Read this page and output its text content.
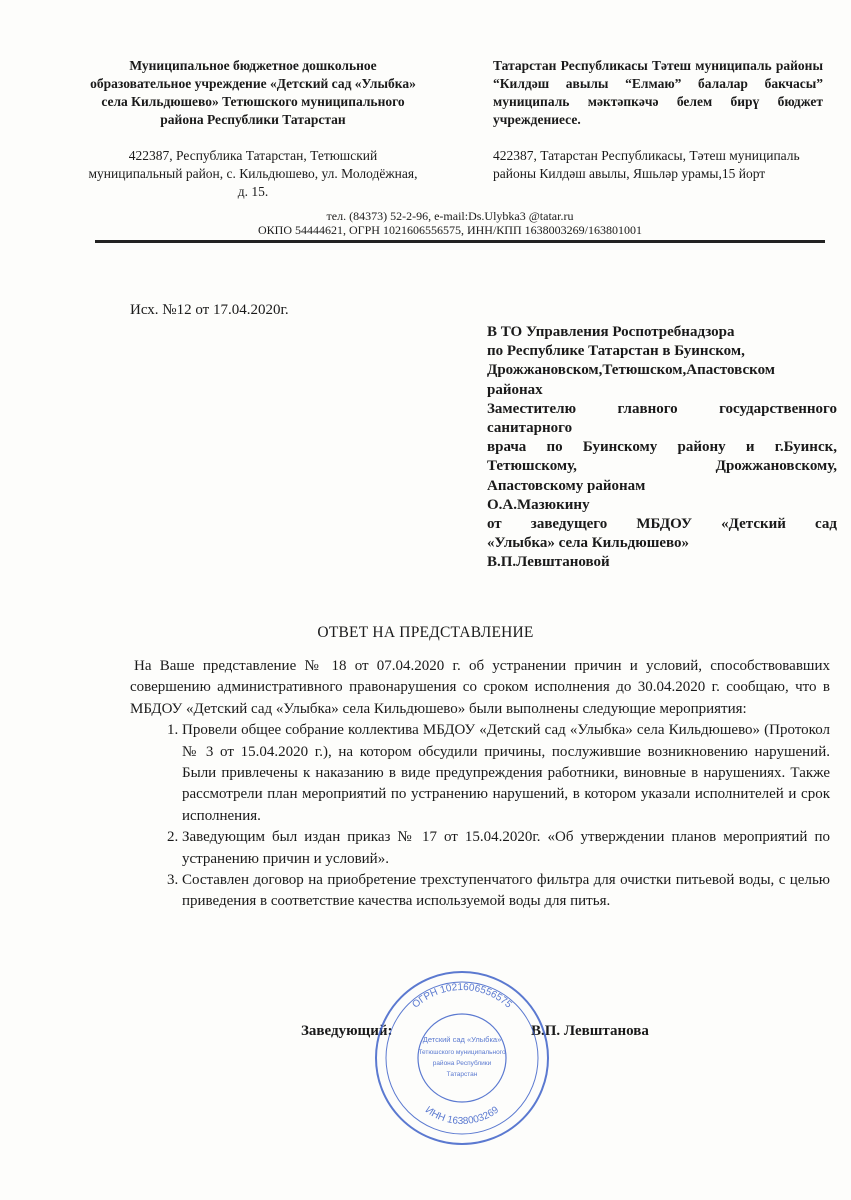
Муниципальное бюджетное дошкольное образовательное учреждение «Детский сад «Улыбка» села Кильдюшево» Тетюшского муниципального района Республики Татарстан
422387, Республика Татарстан, Тетюшский муниципальный район, с. Кильдюшево, ул. Молодёжная, д. 15.
Татарстан Республикасы Тәтеш муниципаль районы “Килдәш авылы “Елмаю” балалар бакчасы” муниципаль мәктәпкәчә белем бирү бюджет учреждениесе.
422387, Татарстан Республикасы, Тәтеш муниципаль районы Килдәш авылы, Яшьләр урамы,15 йорт
тел. (84373) 52-2-96, e-mail:Ds.Ulybka3 @tatar.ru
ОКПО 54444621, ОГРН 1021606556575, ИНН/КПП 1638003269/163801001
Исх. №12 от 17.04.2020г.
В ТО Управления Роспотребнадзора
по Республике Татарстан в Буинском,
Дрожжановском,Тетюшском,Апастовском
районах
Заместителю главного государственного
санитарного
врача по Буинскому району и г.Буинск,
Тетюшскому, Дрожжановскому,
Апастовскому районам
О.А.Мазюкину
от заведущего МБДОУ «Детский сад
«Улыбка» села Кильдюшево»
В.П.Левштановой
ОТВЕТ НА ПРЕДСТАВЛЕНИЕ
На Ваше представление № 18 от 07.04.2020 г. об устранении причин и условий, способствовавших совершению административного правонарушения со сроком исполнения до 30.04.2020 г. сообщаю, что в МБДОУ «Детский сад «Улыбка» села Кильдюшево» были выполнены следующие мероприятия:
1. Провели общее собрание коллектива МБДОУ «Детский сад «Улыбка» села Кильдюшево» (Протокол № 3 от 15.04.2020 г.), на котором обсудили причины, послужившие возникновению нарушений. Были привлечены к наказанию в виде предупреждения работники, виновные в нарушениях. Также рассмотрели план мероприятий по устранению нарушений, в котором указали исполнителей и срок исполнения.
2. Заведующим был издан приказ № 17 от 15.04.2020г. «Об утверждении планов мероприятий по устранению причин и условий».
3. Составлен договор на приобретение трехступенчатого фильтра для очистки питьевой воды, с целью приведения в соответствие качества используемой воды для питья.
Заведующий:	В.П. Левштанова
ОГРН 1021606556575
ИНН 1638003269
Детский сад «Улыбка»
Тетюшского муниципального
района Республики
Татарстан
